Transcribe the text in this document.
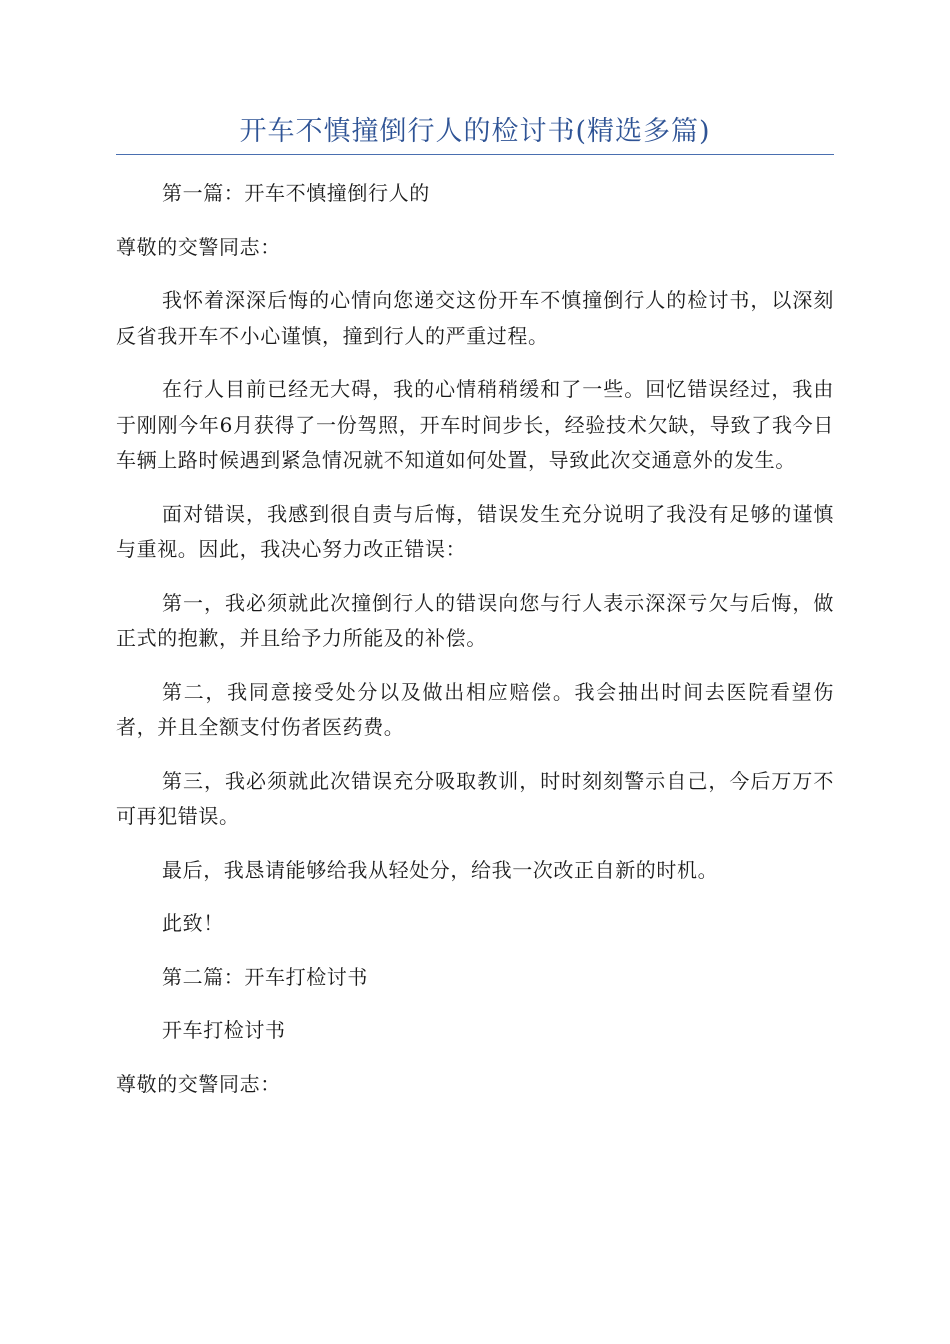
开车不慎撞倒行人的检讨书(精选多篇)

第一篇：开车不慎撞倒行人的

尊敬的交警同志：

我怀着深深后悔的心情向您递交这份开车不慎撞倒行人的检讨书，以深刻反省我开车不小心谨慎，撞到行人的严重过程。

在行人目前已经无大碍，我的心情稍稍缓和了一些。回忆错误经过，我由于刚刚今年6月获得了一份驾照，开车时间步长，经验技术欠缺，导致了我今日车辆上路时候遇到紧急情况就不知道如何处置，导致此次交通意外的发生。

面对错误，我感到很自责与后悔，错误发生充分说明了我没有足够的谨慎与重视。因此，我决心努力改正错误：

第一，我必须就此次撞倒行人的错误向您与行人表示深深亏欠与后悔，做正式的抱歉，并且给予力所能及的补偿。

第二，我同意接受处分以及做出相应赔偿。我会抽出时间去医院看望伤者，并且全额支付伤者医药费。

第三，我必须就此次错误充分吸取教训，时时刻刻警示自己，今后万万不可再犯错误。

最后，我恳请能够给我从轻处分，给我一次改正自新的时机。

此致！

第二篇：开车打检讨书

开车打检讨书

尊敬的交警同志：
